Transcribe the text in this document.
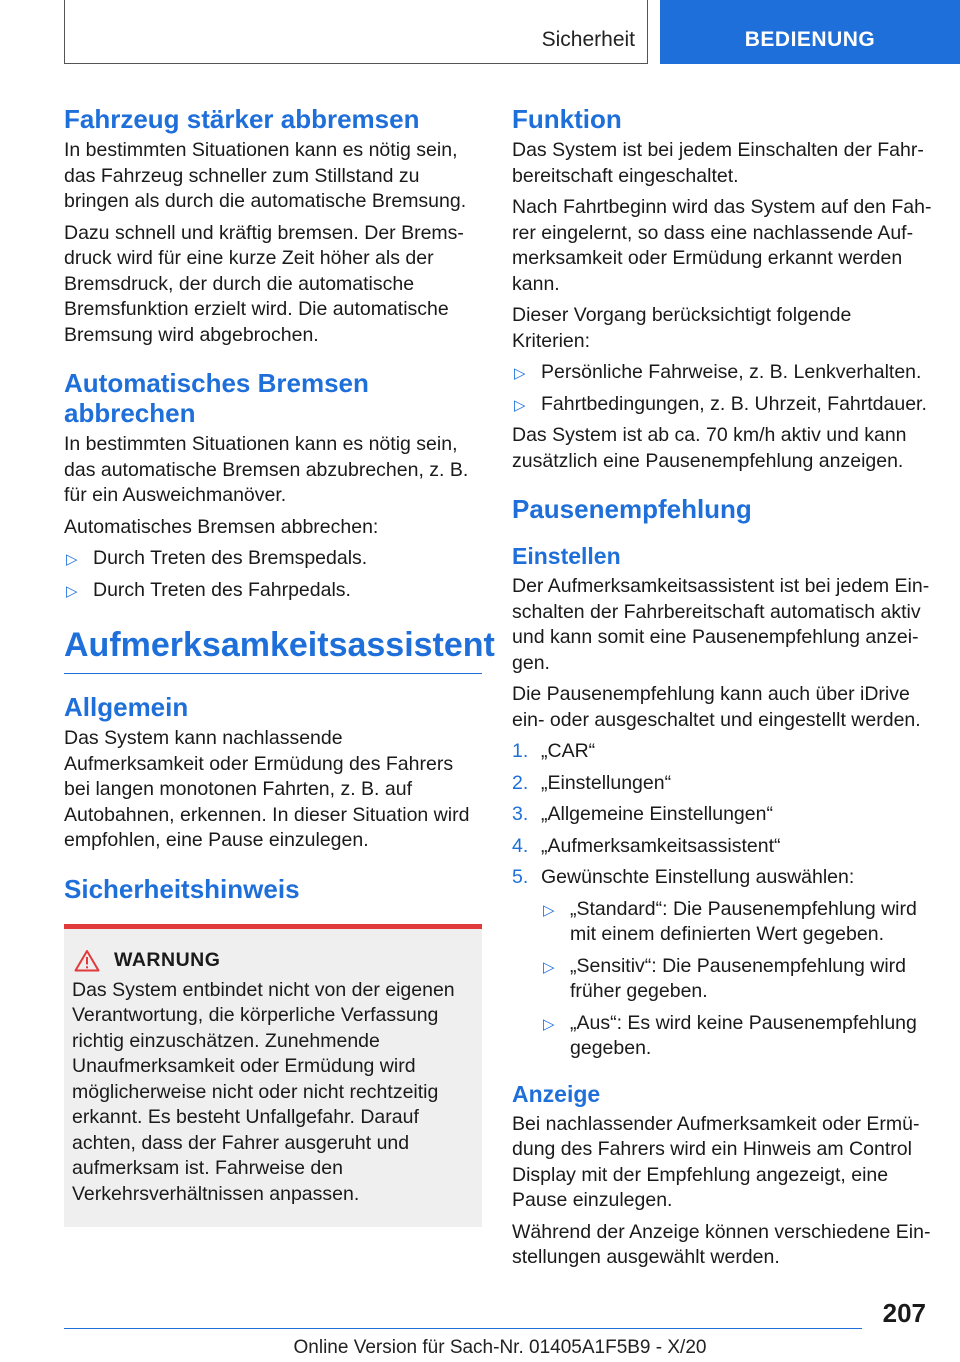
Sicherheit	BEDIENUNG
Fahrzeug stärker abbremsen

In bestimmten Situationen kann es nötig sein, das Fahrzeug schneller zum Stillstand zu bringen als durch die automatische Bremsung.

Dazu schnell und kräftig bremsen. Der Bremsdruck wird für eine kurze Zeit höher als der Bremsdruck, der durch die automatische Bremsfunktion erzielt wird. Die automatische Bremsung wird abgebrochen.

Automatisches Bremsen abbrechen

In bestimmten Situationen kann es nötig sein, das automatische Bremsen abzubrechen, z. B. für ein Ausweichmanöver.

Automatisches Bremsen abbrechen:

▷ Durch Treten des Bremspedals.
▷ Durch Treten des Fahrpedals.
Aufmerksamkeitsassistent
Allgemein

Das System kann nachlassende Aufmerksamkeit oder Ermüdung des Fahrers bei langen monotonen Fahrten, z. B. auf Autobahnen, erkennen. In dieser Situation wird empfohlen, eine Pause einzulegen.

Sicherheitshinweis
WARNUNG

Das System entbindet nicht von der eigenen Verantwortung, die körperliche Verfassung richtig einzuschätzen. Zunehmende Unaufmerksamkeit oder Ermüdung wird möglicherweise nicht oder nicht rechtzeitig erkannt. Es besteht Unfallgefahr. Darauf achten, dass der Fahrer ausgeruht und aufmerksam ist. Fahrweise den Verkehrsverhältnissen anpassen.

Funktion

Das System ist bei jedem Einschalten der Fahrbereitschaft eingeschaltet.

Nach Fahrtbeginn wird das System auf den Fahrer eingelernt, so dass eine nachlassende Aufmerksamkeit oder Ermüdung erkannt werden kann.

Dieser Vorgang berücksichtigt folgende Kriterien:

▷ Persönliche Fahrweise, z. B. Lenkverhalten.
▷ Fahrtbedingungen, z. B. Uhrzeit, Fahrtdauer.

Das System ist ab ca. 70 km/h aktiv und kann zusätzlich eine Pausenempfehlung anzeigen.

Pausenempfehlung
Einstellen

Der Aufmerksamkeitsassistent ist bei jedem Einschalten der Fahrbereitschaft automatisch aktiv und kann somit eine Pausenempfehlung anzeigen.

Die Pausenempfehlung kann auch über iDrive ein- oder ausgeschaltet und eingestellt werden.

1. „CAR“
2. „Einstellungen“
3. „Allgemeine Einstellungen“
4. „Aufmerksamkeitsassistent“
5. Gewünschte Einstellung auswählen:
▷ „Standard“: Die Pausenempfehlung wird mit einem definierten Wert gegeben.
▷ „Sensitiv“: Die Pausenempfehlung wird früher gegeben.
▷ „Aus“: Es wird keine Pausenempfehlung gegeben.
Anzeige

Bei nachlassender Aufmerksamkeit oder Ermüdung des Fahrers wird ein Hinweis am Control Display mit der Empfehlung angezeigt, eine Pause einzulegen.

Während der Anzeige können verschiedene Einstellungen ausgewählt werden.

207
Online Version für Sach-Nr. 01405A1F5B9 - X/20
